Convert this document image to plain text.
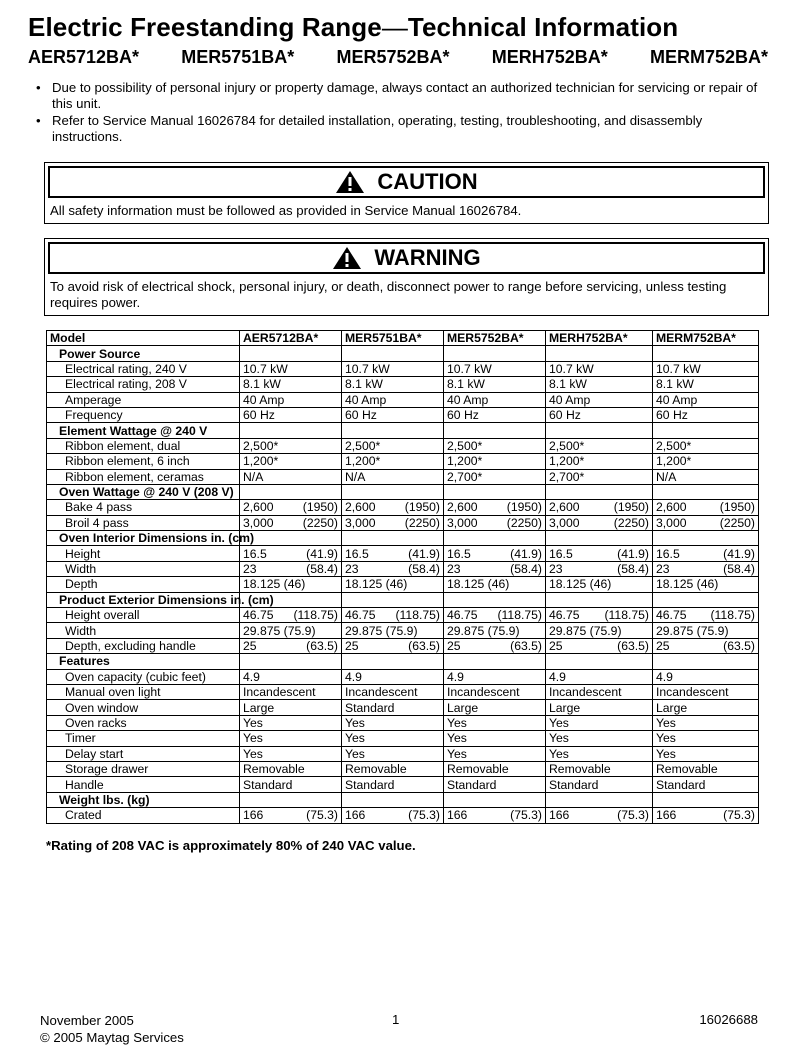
Electric Freestanding Range—Technical Information
AER5712BA* MER5751BA* MER5752BA* MERH752BA* MERM752BA*
• Due to possibility of personal injury or property damage, always contact an authorized technician for servicing or repair of this unit.
• Refer to Service Manual 16026784 for detailed installation, operating, testing, troubleshooting, and disassembly instructions.
CAUTION
All safety information must be followed as provided in Service Manual 16026784.
WARNING
To avoid risk of electrical shock, personal injury, or death, disconnect power to range before servicing, unless testing requires power.
Model	AER5712BA*	MER5751BA*	MER5752BA*	MERH752BA*	MERM752BA*
Power Source					
Electrical rating, 240 V	10.7 kW	10.7 kW	10.7 kW	10.7 kW	10.7 kW

Electrical rating, 208 V	8.1 kW	8.1 kW	8.1 kW	8.1 kW	8.1 kW

Amperage	40 Amp	40 Amp	40 Amp	40 Amp	40 Amp

Frequency	60 Hz	60 Hz	60 Hz	60 Hz	60 Hz

Element Wattage @ 240 V					
Ribbon element, dual	2,500*	2,500*	2,500*	2,500*	2,500*

Ribbon element, 6 inch	1,200*	1,200*	1,200*	1,200*	1,200*

Ribbon element, ceramas	N/A	N/A	2,700*	2,700*	N/A

Oven Wattage @ 240 V (208 V)					
Bake 4 pass	2,600 (1950)	2,600 (1950)	2,600 (1950)	2,600 (1950)	2,600 (1950)

Broil 4 pass	3,000 (2250)	3,000 (2250)	3,000 (2250)	3,000 (2250)	3,000 (2250)

Oven Interior Dimensions in. (cm)					
Height	16.5 (41.9)	16.5 (41.9)	16.5 (41.9)	16.5 (41.9)	16.5 (41.9)

Width	23 (58.4)	23 (58.4)	23 (58.4)	23 (58.4)	23 (58.4)

Depth	18.125 (46)	18.125 (46)	18.125 (46)	18.125 (46)	18.125 (46)

Product Exterior Dimensions in. (cm)					
Height overall	46.75 (118.75)	46.75 (118.75)	46.75 (118.75)	46.75 (118.75)	46.75 (118.75)

Width	29.875 (75.9)	29.875 (75.9)	29.875 (75.9)	29.875 (75.9)	29.875 (75.9)

Depth, excluding handle	25 (63.5)	25 (63.5)	25 (63.5)	25 (63.5)	25 (63.5)

Features					
Oven capacity (cubic feet)	4.9	4.9	4.9	4.9	4.9

Manual oven light	Incandescent	Incandescent	Incandescent	Incandescent	Incandescent

Oven window	Large	Standard	Large	Large	Large

Oven racks	Yes	Yes	Yes	Yes	Yes

Timer	Yes	Yes	Yes	Yes	Yes

Delay start	Yes	Yes	Yes	Yes	Yes

Storage drawer	Removable	Removable	Removable	Removable	Removable

Handle	Standard	Standard	Standard	Standard	Standard

Weight lbs. (kg)					
Crated	166 (75.3)	166 (75.3)	166 (75.3)	166 (75.3)	166 (75.3)
*Rating of 208 VAC is approximately 80% of 240 VAC value.
November 2005
© 2005 Maytag Services
1	16026688
